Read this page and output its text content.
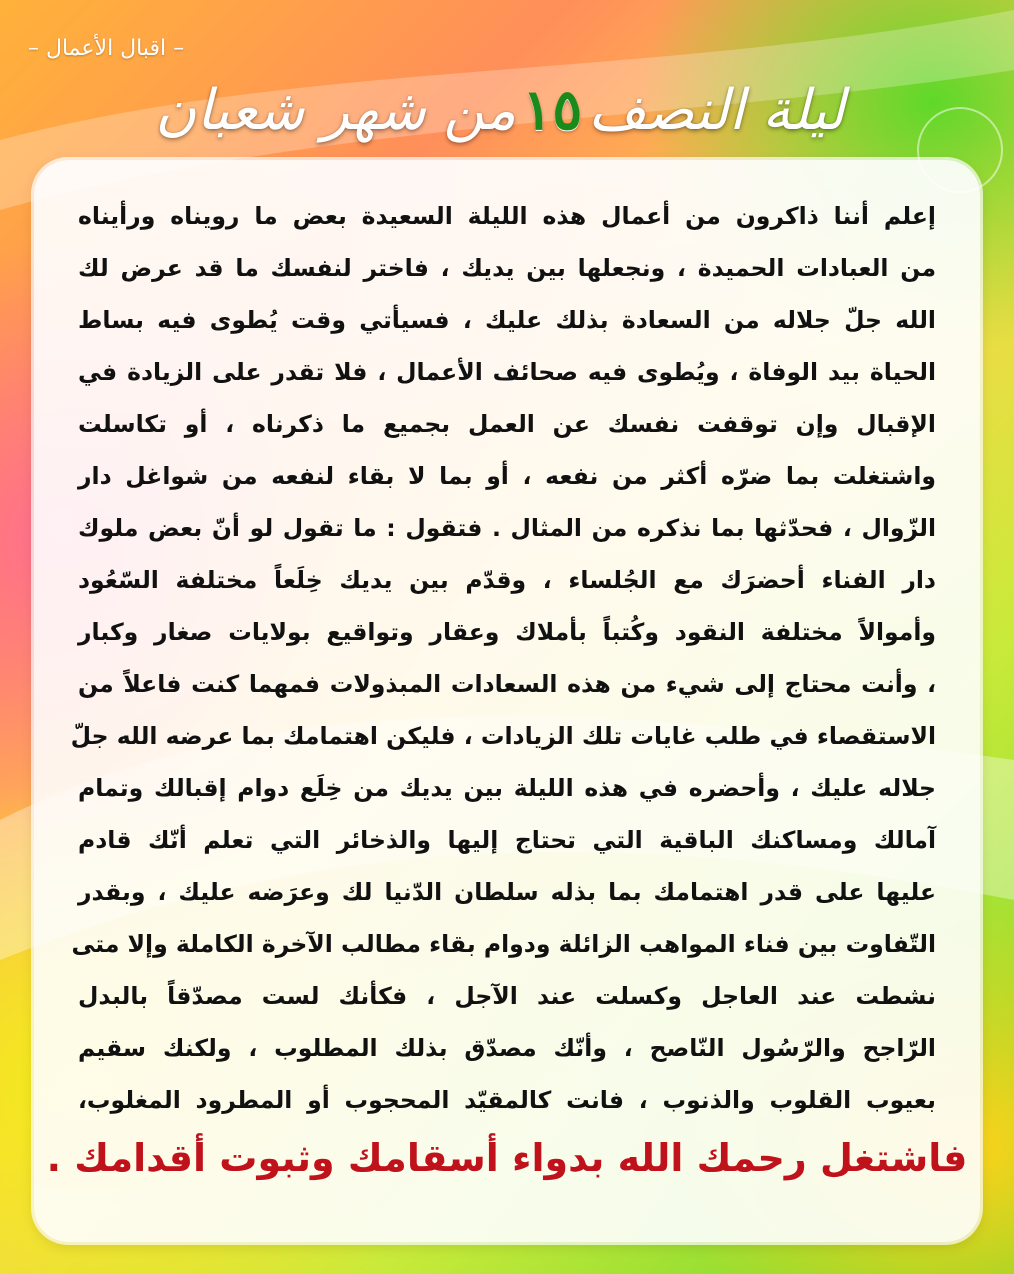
– اقبال الأعمال –
ليلة النصف
١٥
من شهر شعبان
إعلم أننا ذاكرون من أعمال هذه الليلة السعيدة بعض ما رويناه ورأيناه
من العبادات الحميدة ، ونجعلها بين يديك ، فاختر لنفسك ما قد عرض لك
الله جلّ جلاله من السعادة بذلك عليك ، فسيأتي وقت يُطوى فيه بساط
الحياة بيد الوفاة ، ويُطوى فيه صحائف الأعمال ، فلا تقدر على الزيادة في
الإقبال وإن توقفت نفسك عن العمل بجميع ما ذكرناه ، أو تكاسلت
واشتغلت بما ضرّه أكثر من نفعه ، أو بما لا بقاء لنفعه من شواغل دار
الزّوال ، فحدّثها بما نذكره من المثال . فتقول : ما تقول لو أنّ بعض ملوك
دار الفناء أحضرَك مع الجُلساء ، وقدّم بين يديك خِلَعاً مختلفة السّعُود
وأموالاً مختلفة النقود وكُتباً بأملاك وعقار وتواقيع بولايات صغار وكبار
، وأنت محتاج إلى شيء من هذه السعادات المبذولات فمهما كنت فاعلاً من
الاستقصاء في طلب غايات تلك الزيادات ، فليكن اهتمامك بما عرضه الله جلّ
جلاله عليك ، وأحضره في هذه الليلة بين يديك من خِلَع دوام إقبالك وتمام
آمالك ومساكنك الباقية التي تحتاج إليها والذخائر التي تعلم أنّك قادم
عليها على قدر اهتمامك بما بذله سلطان الدّنيا لك وعرَضه عليك ، وبقدر
التّفاوت بين فناء المواهب الزائلة ودوام بقاء مطالب الآخرة الكاملة وإلا متى
نشطت عند العاجل وكسلت عند الآجل ، فكأنك لست مصدّقاً بالبدل
الرّاجح والرّسُول النّاصح ، وأنّك مصدّق بذلك المطلوب ، ولكنك سقيم
بعيوب القلوب والذنوب ، فانت كالمقيّد المحجوب أو المطرود المغلوب،
فاشتغل رحمك الله بدواء أسقامك وثبوت أقدامك .
